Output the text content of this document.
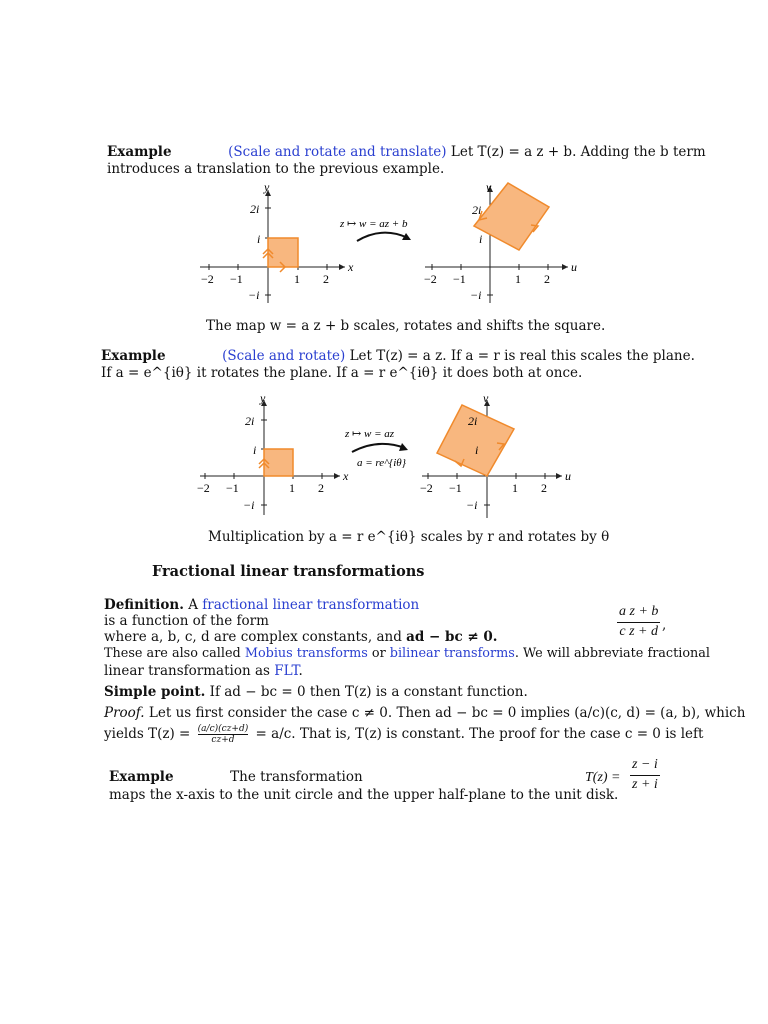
Example	(Scale and rotate and translate) Let T(z) = a z + b. Adding the b term
introduces a translation to the previous example.
y
x
2i
i
−i
−2 −1	1 2
z ↦ w = az + b
v
u
2i
i
−i
−2 −1	1 2
The map w = a z + b scales, rotates and shifts the square.
Example	(Scale and rotate) Let T(z) = a z. If a = r is real this scales the plane.
If a = e^{iθ} it rotates the plane. If a = r e^{iθ} it does both at once.
y
x
2i
i
−i
−2 −1	1 2
z ↦ w = az
a = re^{iθ}
v
u
2i
i
−i
−2 −1	1 2
Multiplication by a = r e^{iθ} scales by r and rotates by θ
Fractional linear transformations
Definition. A fractional linear transformation
is a function of the form
where a, b, c, d are complex constants, and ad − bc ≠ 0.
a z + b
c z + d ,
These are also called Mobius transforms or bilinear transforms. We will abbreviate fractional
linear transformation as FLT.
Simple point. If ad − bc = 0 then T(z) is a constant function.
Proof. Let us first consider the case c ≠ 0. Then ad − bc = 0 implies (a/c)(c, d) = (a, b), which
yields $T(z) = \frac{(a/c)(cz+d)}{cz+d} = a/c$. That is, T(z) is constant. The proof for the case c = 0 is left
Example	The transformation
maps the x-axis to the unit circle and the upper half-plane to the unit disk.
T(z) =
z − i
z + i
